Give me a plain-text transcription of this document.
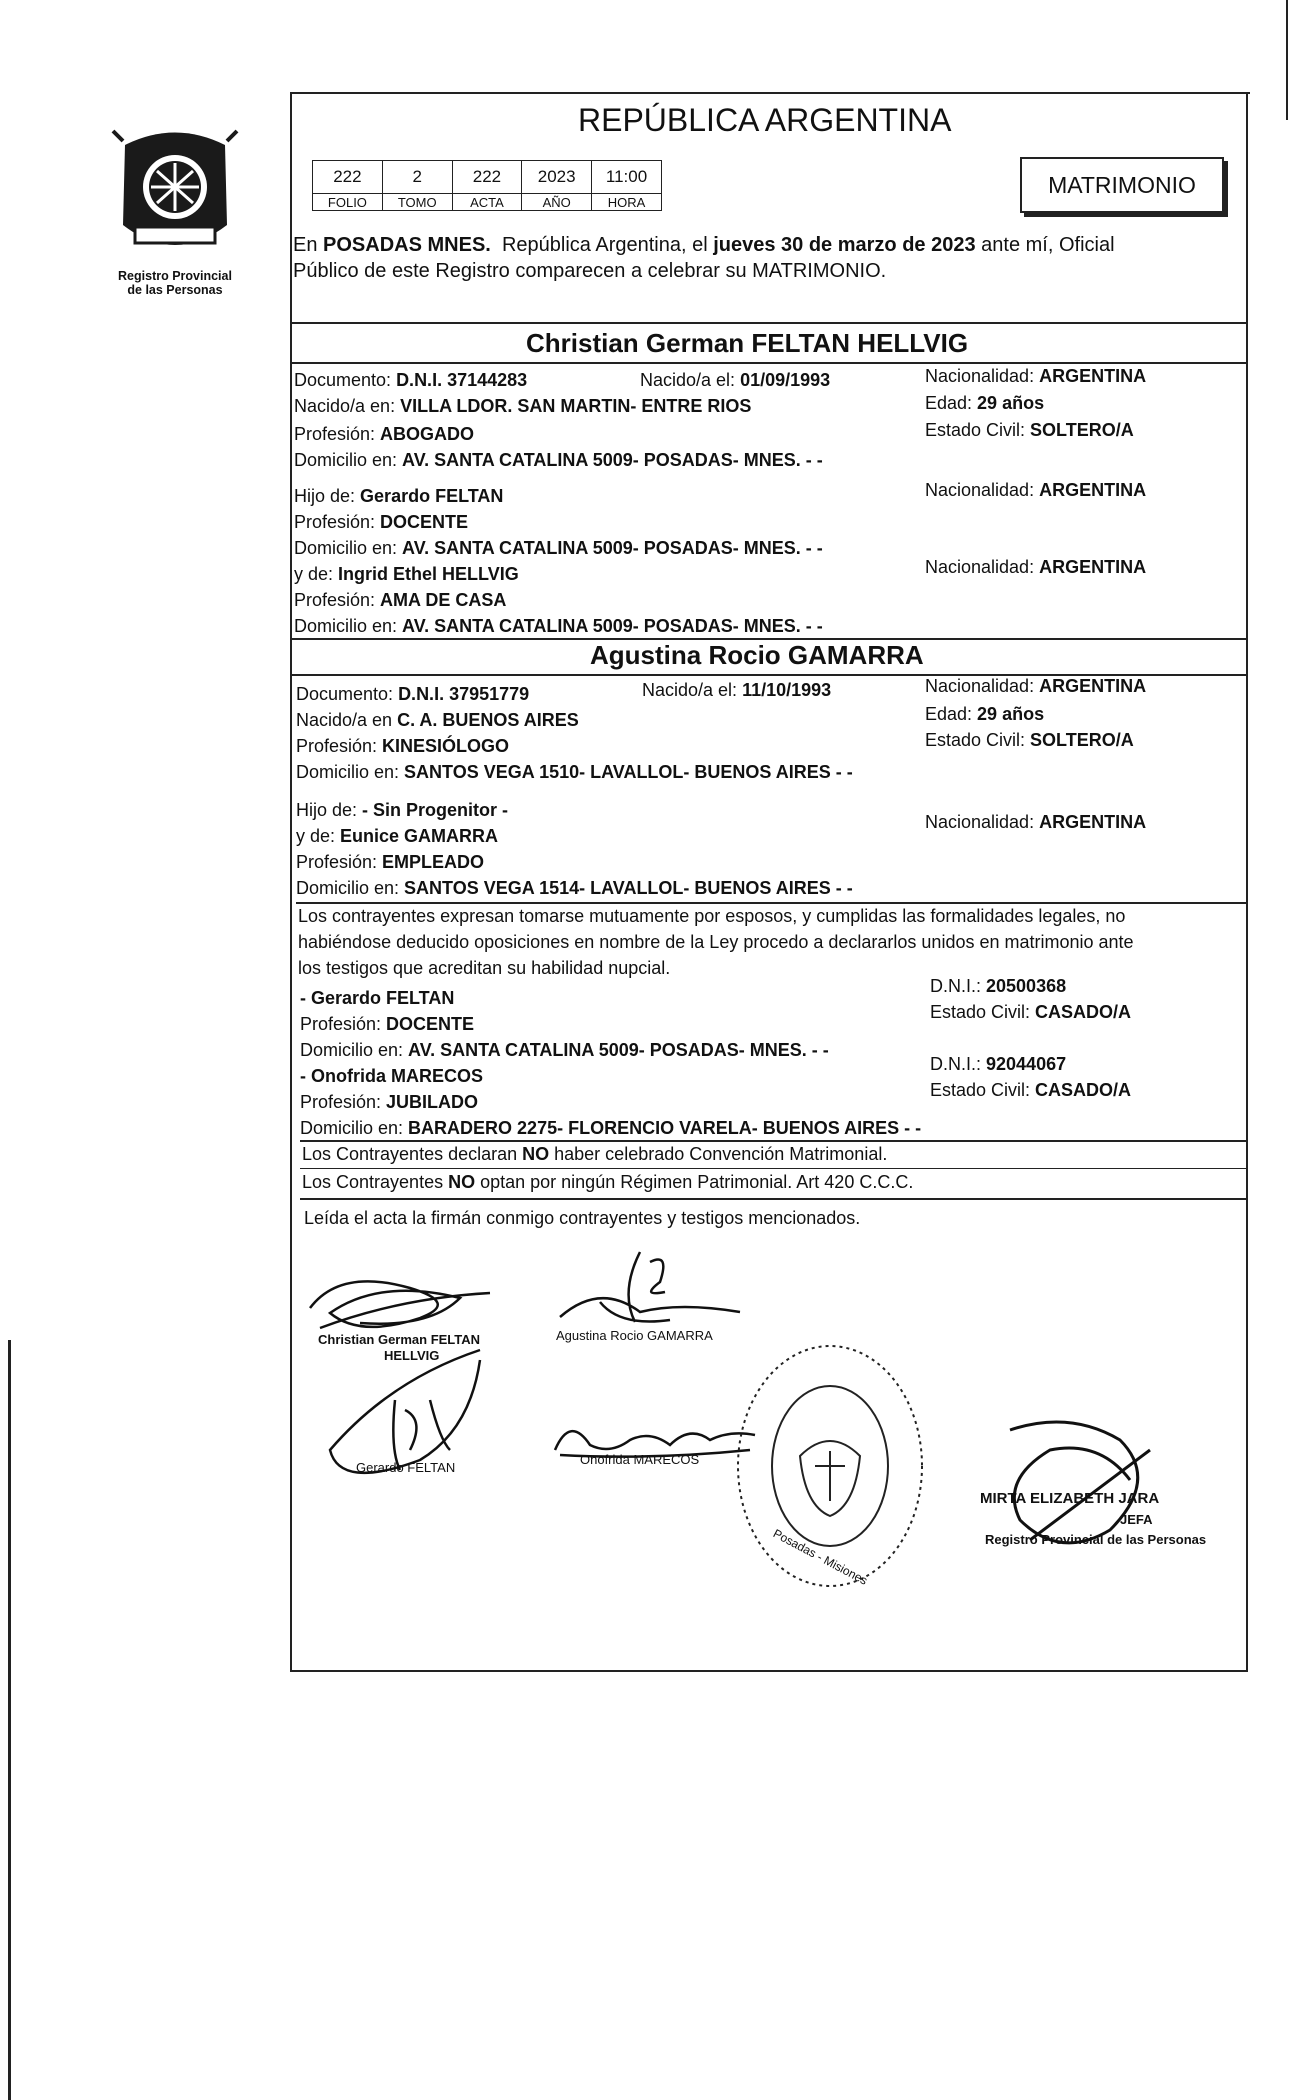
Registro Provincial
de las Personas
REPÚBLICA ARGENTINA
222	2	222	2023	11:00
FOLIO	TOMO	ACTA	AÑO	HORA
MATRIMONIO
En POSADAS MNES.  República Argentina, el jueves 30 de marzo de 2023 ante mí, Oficial
Público de este Registro comparecen a celebrar su MATRIMONIO.
Christian German FELTAN HELLVIG
Documento: D.N.I. 37144283	Nacido/a el: 01/09/1993	Nacionalidad: ARGENTINA
Nacido/a en: VILLA LDOR. SAN MARTIN- ENTRE RIOS	Edad: 29 años
Profesión: ABOGADO	Estado Civil: SOLTERO/A
Domicilio en: AV. SANTA CATALINA 5009- POSADAS- MNES. - -
Hijo de: Gerardo FELTAN	Nacionalidad: ARGENTINA
Profesión: DOCENTE
Domicilio en: AV. SANTA CATALINA 5009- POSADAS- MNES. - -
y de: Ingrid Ethel HELLVIG	Nacionalidad: ARGENTINA
Profesión: AMA DE CASA
Domicilio en: AV. SANTA CATALINA 5009- POSADAS- MNES. - -
Agustina Rocio GAMARRA
Documento: D.N.I. 37951779	Nacido/a el: 11/10/1993	Nacionalidad: ARGENTINA
Nacido/a en C. A. BUENOS AIRES	Edad: 29 años
Profesión: KINESIÓLOGO	Estado Civil: SOLTERO/A
Domicilio en: SANTOS VEGA 1510- LAVALLOL- BUENOS AIRES - -
Hijo de: - Sin Progenitor -
y de: Eunice GAMARRA
Nacionalidad: ARGENTINA
Profesión: EMPLEADO
Domicilio en: SANTOS VEGA 1514- LAVALLOL- BUENOS AIRES - -
Los contrayentes expresan tomarse mutuamente por esposos, y cumplidas las formalidades legales, no
habiéndose deducido oposiciones en nombre de la Ley procedo a declararlos unidos en matrimonio ante
los testigos que acreditan su habilidad nupcial.
- Gerardo FELTAN
D.N.I.: 20500368
Profesión: DOCENTE
Estado Civil: CASADO/A
Domicilio en: AV. SANTA CATALINA 5009- POSADAS- MNES. - -
- Onofrida MARECOS
D.N.I.: 92044067
Profesión: JUBILADO
Estado Civil: CASADO/A
Domicilio en: BARADERO 2275- FLORENCIO VARELA- BUENOS AIRES - -
Los Contrayentes declaran NO haber celebrado Convención Matrimonial.
Los Contrayentes NO optan por ningún Régimen Patrimonial. Art 420 C.C.C.
Leída el acta la firmán conmigo contrayentes y testigos mencionados.
Christian German FELTAN
HELLVIG
Agustina Rocio GAMARRA
Gerardo FELTAN
Onofrida MARECOS
Posadas - Misiones
MIRTA ELIZABETH JARA
JEFA
Registro Provincial de las Personas
